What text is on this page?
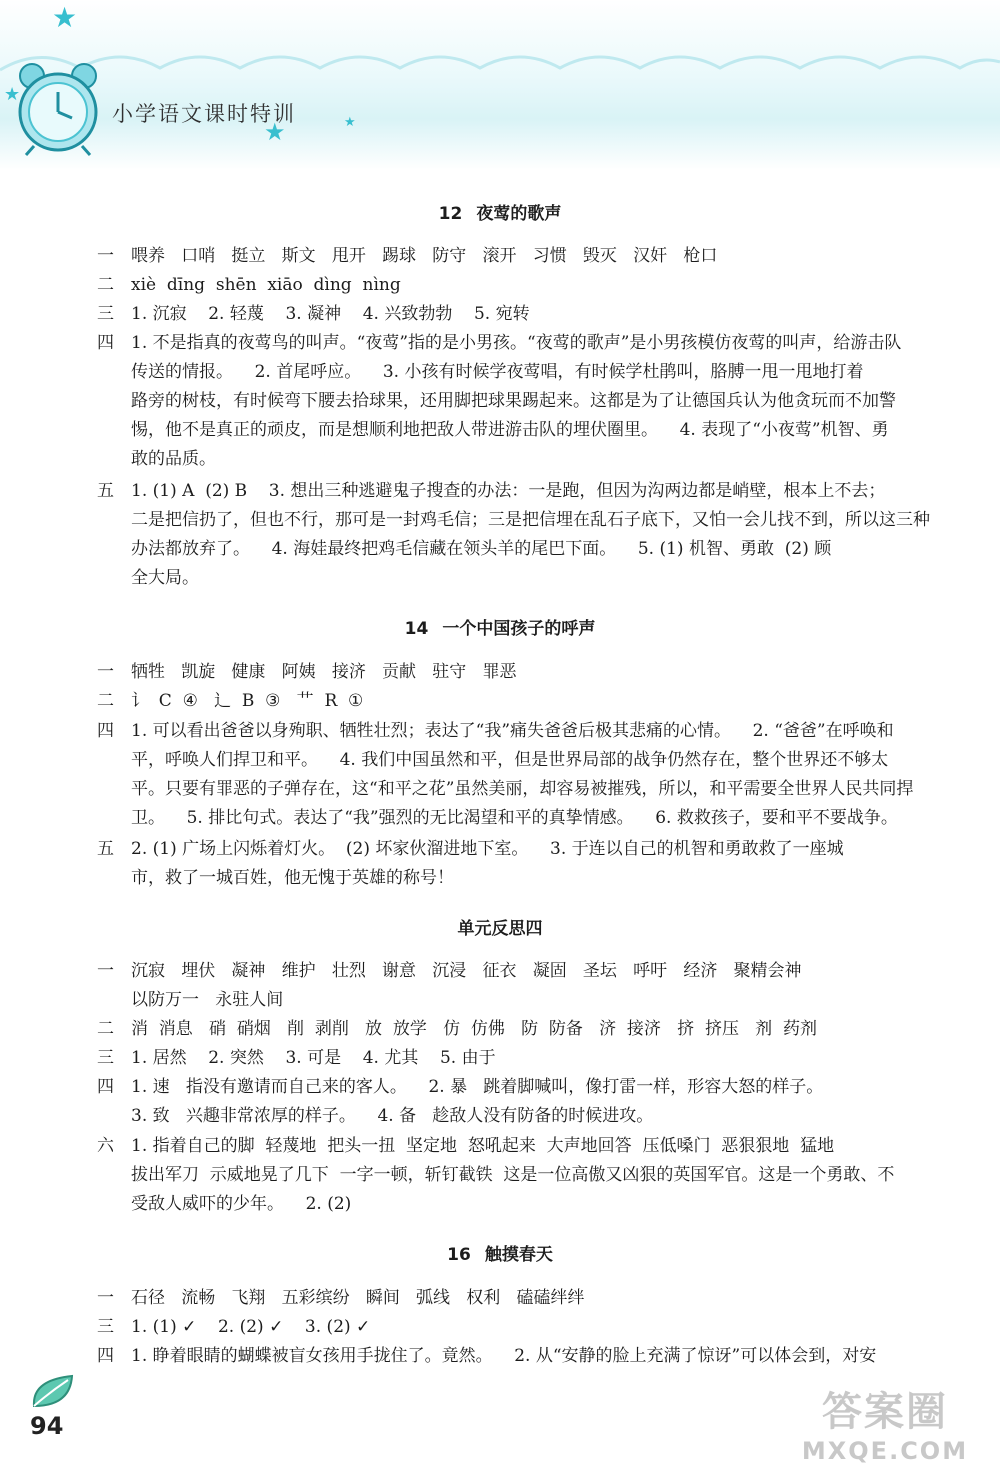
★
★
★	★
小学语文课时特训
12 夜莺的歌声
一 喂养   口哨   挺立   斯文   甩开   踢球   防守   滚开   习惯   毁灭   汉奸   枪口
二 xiè  dīng  shēn  xiāo  dìng  nìng
三 1. 沉寂    2. 轻蔑    3. 凝神    4. 兴致勃勃    5. 宛转
四 1. 不是指真的夜莺鸟的叫声。“夜莺”指的是小男孩。“夜莺的歌声”是小男孩模仿夜莺的叫声，给游击队
传送的情报。    2. 首尾呼应。    3. 小孩有时候学夜莺唱，有时候学杜鹃叫，胳膊一甩一甩地打着
路旁的树枝，有时候弯下腰去拾球果，还用脚把球果踢起来。这都是为了让德国兵认为他贪玩而不加警
惕，他不是真正的顽皮，而是想顺利地把敌人带进游击队的埋伏圈里。    4. 表现了“小夜莺”机智、勇
敢的品质。
五 1. (1) A  (2) B    3. 想出三种逃避鬼子搜查的办法：一是跑，但因为沟两边都是峭壁，根本上不去；
二是把信扔了，但也不行，那可是一封鸡毛信；三是把信埋在乱石子底下，又怕一会儿找不到，所以这三种
办法都放弃了。    4. 海娃最终把鸡毛信藏在领头羊的尾巴下面。    5. (1) 机智、勇敢  (2) 顾
全大局。
14 一个中国孩子的呼声
一 牺牲   凯旋   健康   阿姨   接济   贡献   驻守   罪恶
二 讠  C  ④   辶  B  ③   艹  R  ①
四 1. 可以看出爸爸以身殉职、牺牲壮烈；表达了“我”痛失爸爸后极其悲痛的心情。    2. “爸爸”在呼唤和
平，呼唤人们捍卫和平。    4. 我们中国虽然和平，但是世界局部的战争仍然存在，整个世界还不够太
平。只要有罪恶的子弹存在，这“和平之花”虽然美丽，却容易被摧残，所以，和平需要全世界人民共同捍
卫。    5. 排比句式。表达了“我”强烈的无比渴望和平的真挚情感。    6. 救救孩子，要和平不要战争。
五 2. (1) 广场上闪烁着灯火。  (2) 坏家伙溜进地下室。    3. 于连以自己的机智和勇敢救了一座城
市，救了一城百姓，他无愧于英雄的称号！
单元反思四
一 沉寂   埋伏   凝神   维护   壮烈   谢意   沉浸   征衣   凝固   圣坛   呼吁   经济   聚精会神
以防万一   永驻人间
二 消  消息   硝  硝烟   削  剥削   放  放学   仿  仿佛   防  防备   济  接济   挤  挤压   剂  药剂
三 1. 居然    2. 突然    3. 可是    4. 尤其    5. 由于
四 1. 速   指没有邀请而自己来的客人。    2. 暴   跳着脚喊叫，像打雷一样，形容大怒的样子。
3. 致   兴趣非常浓厚的样子。    4. 备   趁敌人没有防备的时候进攻。
六 1. 指着自己的脚  轻蔑地  把头一扭  坚定地  怒吼起来  大声地回答  压低嗓门  恶狠狠地  猛地
拔出军刀  示威地晃了几下  一字一顿，斩钉截铁  这是一位高傲又凶狠的英国军官。这是一个勇敢、不
受敌人威吓的少年。    2. (2)
16 触摸春天
一 石径   流畅   飞翔   五彩缤纷   瞬间   弧线   权利   磕磕绊绊
三 1. (1) ✓    2. (2) ✓    3. (2) ✓
四 1. 睁着眼睛的蝴蝶被盲女孩用手拢住了。竟然。    2. 从“安静的脸上充满了惊讶”可以体会到，对安
94	答案圈
MXQE.COM
